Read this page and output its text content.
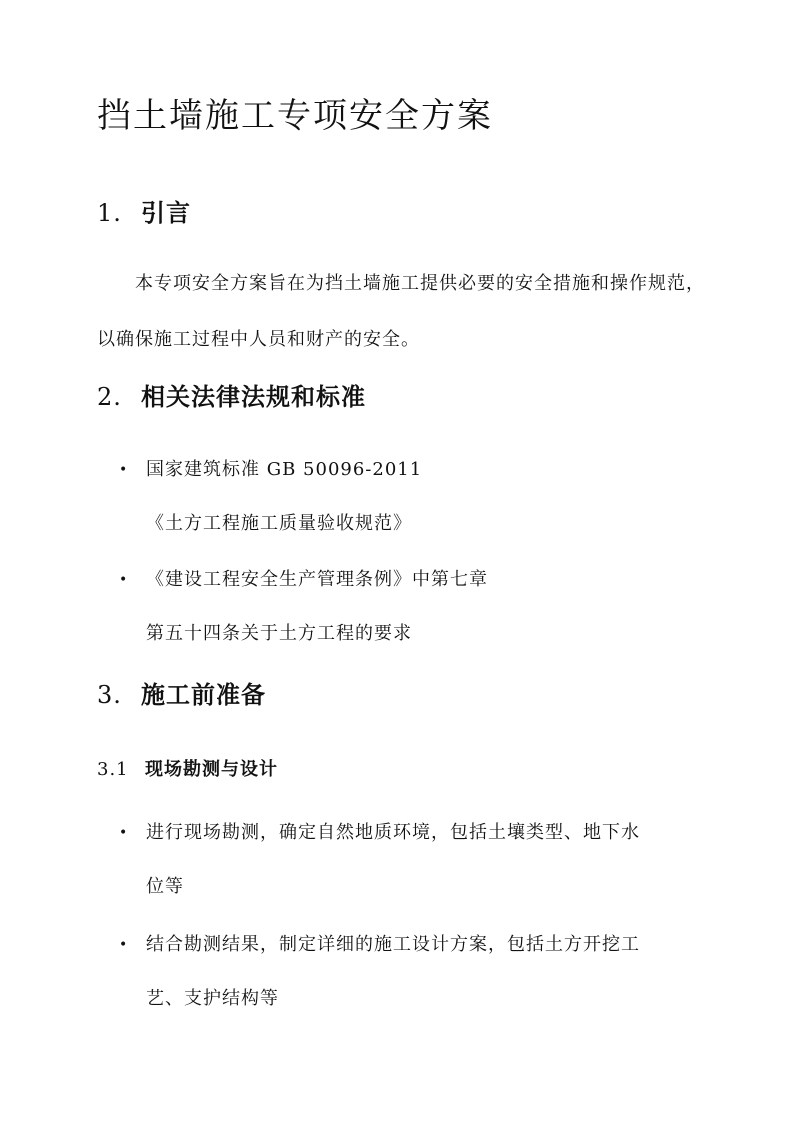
挡土墙施工专项安全方案
1. 引言

本专项安全方案旨在为挡土墙施工提供必要的安全措施和操作规范，以确保施工过程中人员和财产的安全。

2. 相关法律法规和标准
•	国家建筑标准 GB 50096-2011
《土方工程施工质量验收规范》
•	《建设工程安全生产管理条例》中第七章
第五十四条关于土方工程的要求
3. 施工前准备
3.1 现场勘测与设计
•	进行现场勘测，确定自然地质环境，包括土壤类型、地下水
位等
•	结合勘测结果，制定详细的施工设计方案，包括土方开挖工
艺、支护结构等
